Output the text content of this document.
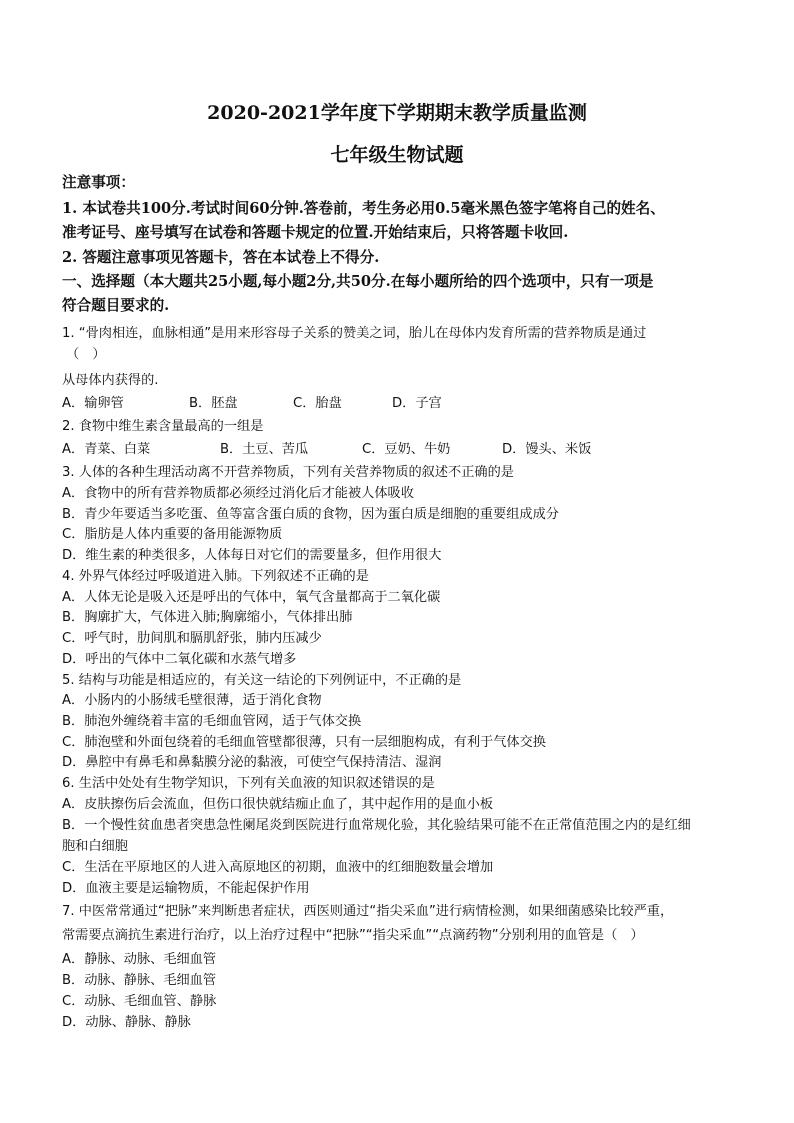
2020-2021学年度下学期期末教学质量监测
七年级生物试题
注意事项：
1. 本试卷共100分.考试时间60分钟.答卷前，考生务必用0.5毫米黑色签字笔将自己的姓名、
准考证号、座号填写在试卷和答题卡规定的位置.开始结束后，只将答题卡收回.
2. 答题注意事项见答题卡，答在本试卷上不得分.
一、选择题（本大题共25小题,每小题2分,共50分.在每小题所给的四个选项中，只有一项是
符合题目要求的.
1. “骨肉相连，血脉相通”是用来形容母子关系的赞美之词，胎儿在母体内发育所需的营养物质是通过
（　）
从母体内获得的.
A．输卵管	B．胚盘	C．胎盘	D．子宫
2. 食物中维生素含量最高的一组是
A．青菜、白菜	B．土豆、苦瓜	C．豆奶、牛奶	D．馒头、米饭
3. 人体的各种生理活动离不开营养物质，下列有关营养物质的叙述不正确的是
A．食物中的所有营养物质都必须经过消化后才能被人体吸收
B．青少年要适当多吃蛋、鱼等富含蛋白质的食物，因为蛋白质是细胞的重要组成成分
C．脂肪是人体内重要的备用能源物质
D．维生素的种类很多，人体每日对它们的需要量多，但作用很大
4. 外界气体经过呼吸道进入肺。下列叙述不正确的是
A．人体无论是吸入还是呼出的气体中，氧气含量都高于二氧化碳
B．胸廓扩大，气体进入肺;胸廓缩小，气体排出肺
C．呼气时，肋间肌和膈肌舒张，肺内压减少
D．呼出的气体中二氧化碳和水蒸气增多
5. 结构与功能是相适应的，有关这一结论的下列例证中，不正确的是
A．小肠内的小肠绒毛壁很薄，适于消化食物
B．肺泡外缠绕着丰富的毛细血管网，适于气体交换
C．肺泡壁和外面包绕着的毛细血管壁都很薄，只有一层细胞构成，有利于气体交换
D．鼻腔中有鼻毛和鼻黏膜分泌的黏液，可使空气保持清洁、湿润
6. 生活中处处有生物学知识，下列有关血液的知识叙述错误的是
A．皮肤擦伤后会流血，但伤口很快就结痂止血了，其中起作用的是血小板
B．一个慢性贫血患者突患急性阑尾炎到医院进行血常规化验，其化验结果可能不在正常值范围之内的是红细
胞和白细胞
C．生活在平原地区的人进入高原地区的初期，血液中的红细胞数量会增加
D．血液主要是运输物质，不能起保护作用
7. 中医常常通过“把脉”来判断患者症状，西医则通过“指尖采血”进行病情检测，如果细菌感染比较严重，
常需要点滴抗生素进行治疗，以上治疗过程中“把脉”“指尖采血”“点滴药物”分别利用的血管是（　）
A．静脉、动脉、毛细血管
B．动脉、静脉、毛细血管
C．动脉、毛细血管、静脉
D．动脉、静脉、静脉
